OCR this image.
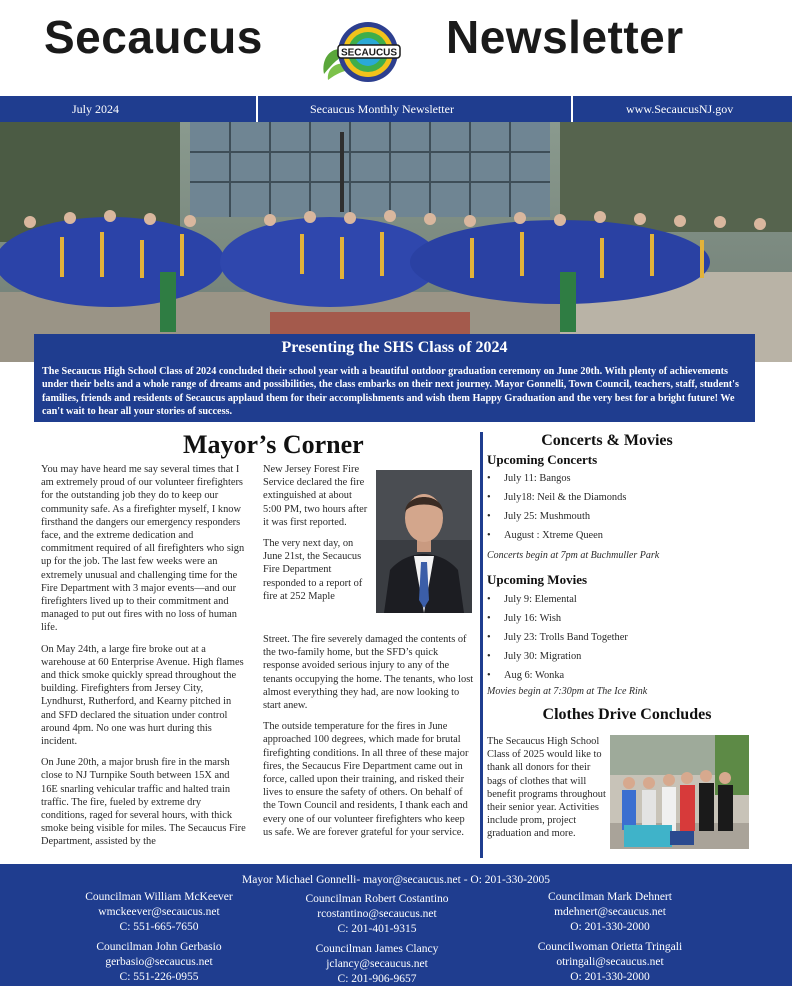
Secaucus	SECAUCUS Newsletter
July 2024	Secaucus Monthly Newsletter	www.SecaucusNJ.gov
Presenting the SHS Class of 2024
The Secaucus High School Class of 2024 concluded their school year with a beautiful outdoor graduation ceremony on June 20th. With plenty of achievements under their belts and a whole range of dreams and possibilities, the class embarks on their next journey. Mayor Gonnelli, Town Council, teachers, staff, student's families, friends and residents of Secaucus applaud them for their accomplishments and wish them Happy Graduation and the very best for a bright future! We can't wait to hear all your stories of success.
Mayor’s Corner

You may have heard me say several times that I am extremely proud of our volunteer firefighters for the outstanding job they do to keep our community safe. As a firefighter myself, I know firsthand the dangers our emergency responders face, and the extreme dedication and commitment required of all firefighters who sign up for the job. The last few weeks were an extremely unusual and challenging time for the Fire Department with 3 major events—and our firefighters lived up to their commitment and managed to put out fires with no loss of human life.

On May 24th, a large fire broke out at a warehouse at 60 Enterprise Avenue. High flames and thick smoke quickly spread throughout the building. Firefighters from Jersey City, Lyndhurst, Rutherford, and Kearny pitched in and SFD declared the situation under control around 4pm. No one was hurt during this incident.

On June 20th, a major brush fire in the marsh close to NJ Turnpike South between 15X and 16E snarling vehicular traffic and halted train traffic. The fire, fueled by extreme dry conditions, raged for several hours, with thick smoke being visible for miles. The Secaucus Fire Department, assisted by the

New Jersey Forest Fire Service declared the fire extinguished at about 5:00 PM, two hours after it was first reported.

The very next day, on June 21st, the Secaucus Fire Department responded to a report of fire at 252 Maple

Street. The fire severely damaged the contents of the two-family home, but the SFD’s quick response avoided serious injury to any of the tenants occupying the home. The tenants, who lost almost everything they had, are now looking to start anew.

The outside temperature for the fires in June approached 100 degrees, which made for brutal firefighting conditions. In all three of these major fires, the Secaucus Fire Department came out in force, called upon their training, and risked their lives to ensure the safety of others. On behalf of the Town Council and residents, I thank each and every one of our volunteer firefighters who keep us safe. We are forever grateful for your service.

Concerts & Movies
Upcoming Concerts
• July 11: Bangos
• July18: Neil & the Diamonds
• July 25: Mushmouth
• August : Xtreme Queen
Concerts begin at 7pm at Buchmuller Park
Upcoming Movies
• July 9: Elemental
• July 16: Wish
• July 23: Trolls Band Together
• July 30: Migration
• Aug 6: Wonka
Movies begin at 7:30pm at The Ice Rink
Clothes Drive Concludes
The Secaucus High School Class of 2025 would like to thank all donors for their bags of clothes that will benefit programs throughout their senior year. Activities include prom, project graduation and more.
Mayor Michael Gonnelli- mayor@secaucus.net - O: 201-330-2005
Councilman William McKeever
wmckeever@secaucus.net
C: 551-665-7650
Councilman Robert Costantino
rcostantino@secaucus.net
C: 201-401-9315
Councilman Mark Dehnert
mdehnert@secaucus.net
O: 201-330-2000
Councilman John Gerbasio
gerbasio@secaucus.net
C: 551-226-0955
Councilman James Clancy
jclancy@secaucus.net
C: 201-906-9657
Councilwoman Orietta Tringali
otringali@secaucus.net
O: 201-330-2000
